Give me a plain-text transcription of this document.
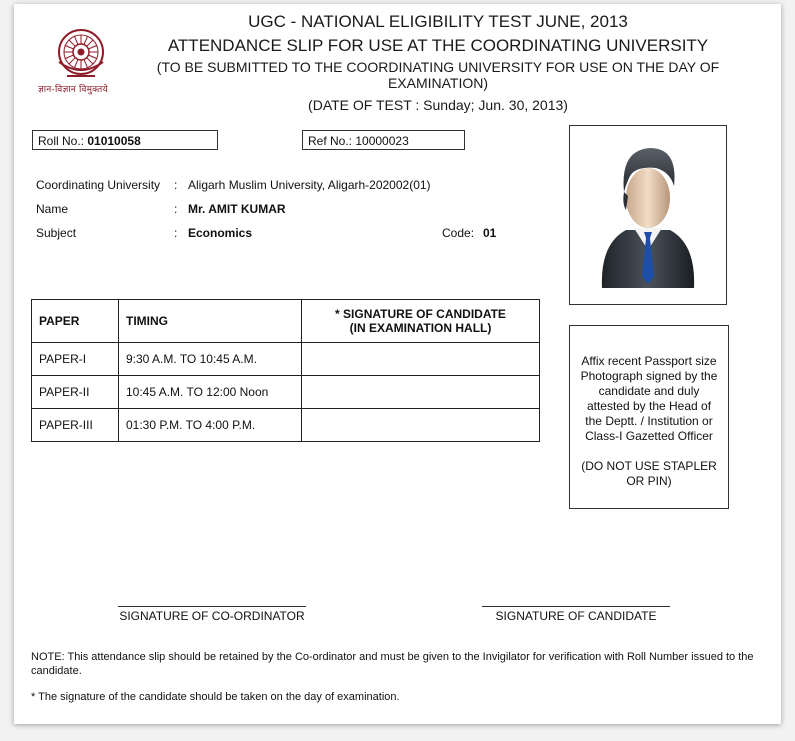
ज्ञान-विज्ञान विमुक्तये
UGC - NATIONAL ELIGIBILITY TEST JUNE, 2013
ATTENDANCE SLIP FOR USE AT THE COORDINATING UNIVERSITY
(TO BE SUBMITTED TO THE COORDINATING UNIVERSITY FOR USE ON THE DAY OF EXAMINATION)
(DATE OF TEST : Sunday; Jun. 30, 2013)
Roll No.: 01010058	Ref No.: 10000023
Coordinating University : Aligarh Muslim University, Aligarh-202002(01)
Name	: Mr. AMIT KUMAR
Subject	: Economics	Code: 01
PAPER	TIMING	* SIGNATURE OF CANDIDATE
(IN EXAMINATION HALL)

PAPER-I	9:30 A.M. TO 10:45 A.M.	
PAPER-II	10:45 A.M. TO 12:00 Noon	
PAPER-III	01:30 P.M. TO 4:00 P.M.	

Affix recent Passport size

Photograph signed by the

candidate and duly

attested by the Head of

the Deptt. / Institution or

Class-I Gazetted Officer

(DO NOT USE STAPLER

OR PIN)

SIGNATURE OF CO-ORDINATOR	SIGNATURE OF CANDIDATE
NOTE: This attendance slip should be retained by the Co-ordinator and must be given to the Invigilator for verification with Roll Number issued to the candidate.
* The signature of the candidate should be taken on the day of examination.
